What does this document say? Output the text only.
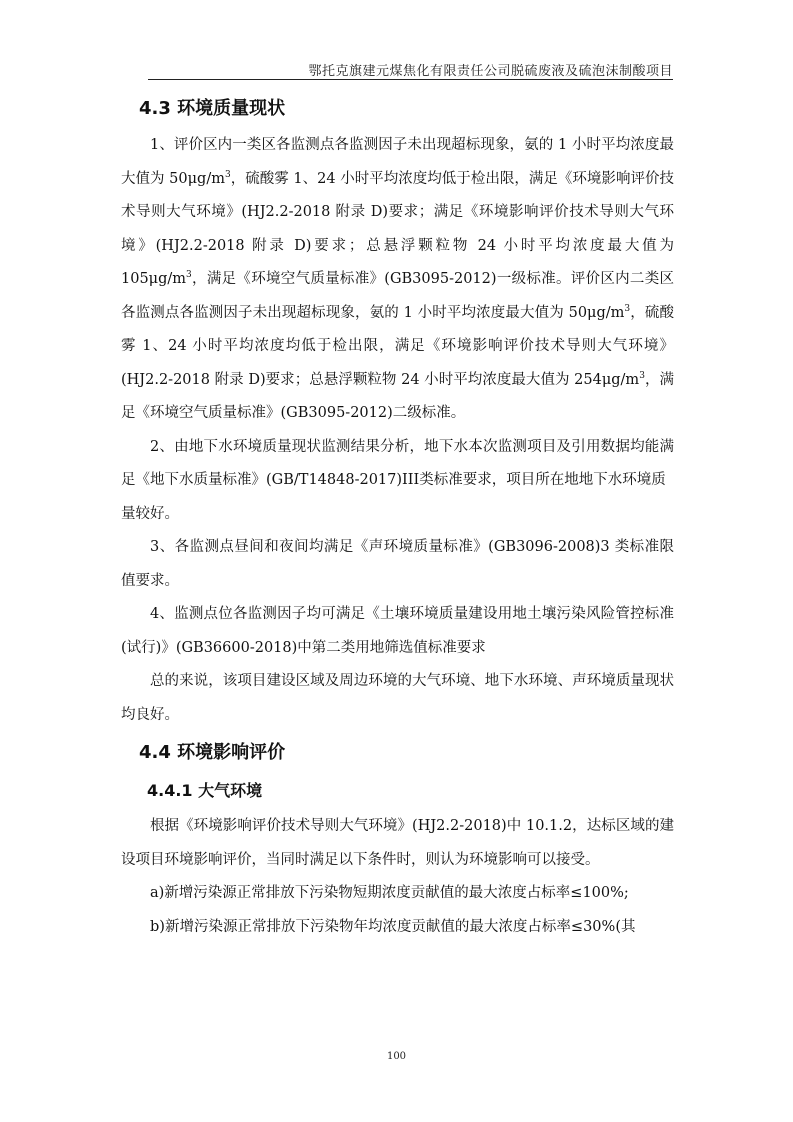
鄂托克旗建元煤焦化有限责任公司脱硫废液及硫泡沫制酸项目
4.3 环境质量现状

1、评价区内一类区各监测点各监测因子未出现超标现象，氨的 1 小时平均浓度最大值为 $50\mu g/m^3$，硫酸雾 1、24 小时平均浓度均低于检出限，满足《环境影响评价技术导则大气环境》(HJ2.2-2018 附录 D)要求；满足《环境影响评价技术导则大气环境》(HJ2.2-2018 附录 D)要求；总悬浮颗粒物 24 小时平均浓度最大值为 $105\mu g/m^3$，满足《环境空气质量标准》(GB3095-2012)一级标准。评价区内二类区各监测点各监测因子未出现超标现象，氨的 1 小时平均浓度最大值为 $50\mu g/m^3$，硫酸雾 1、24 小时平均浓度均低于检出限，满足《环境影响评价技术导则大气环境》(HJ2.2-2018 附录 D)要求；总悬浮颗粒物 24 小时平均浓度最大值为 $254\mu g/m^3$，满足《环境空气质量标准》(GB3095-2012)二级标准。

2、由地下水环境质量现状监测结果分析，地下水本次监测项目及引用数据均能满足《地下水质量标准》(GB/T14848-2017)III类标准要求，项目所在地地下水环境质

量较好。

3、各监测点昼间和夜间均满足《声环境质量标准》(GB3096-2008)3 类标准限值要求。

4、监测点位各监测因子均可满足《土壤环境质量建设用地土壤污染风险管控标准(试行)》(GB36600-2018)中第二类用地筛选值标准要求

总的来说，该项目建设区域及周边环境的大气环境、地下水环境、声环境质量现状均良好。

4.4 环境影响评价
4.4.1 大气环境

根据《环境影响评价技术导则大气环境》(HJ2.2-2018)中 10.1.2，达标区域的建设项目环境影响评价，当同时满足以下条件时，则认为环境影响可以接受。

a)新增污染源正常排放下污染物短期浓度贡献值的最大浓度占标率≤100%;

b)新增污染源正常排放下污染物年均浓度贡献值的最大浓度占标率≤30%(其

100
